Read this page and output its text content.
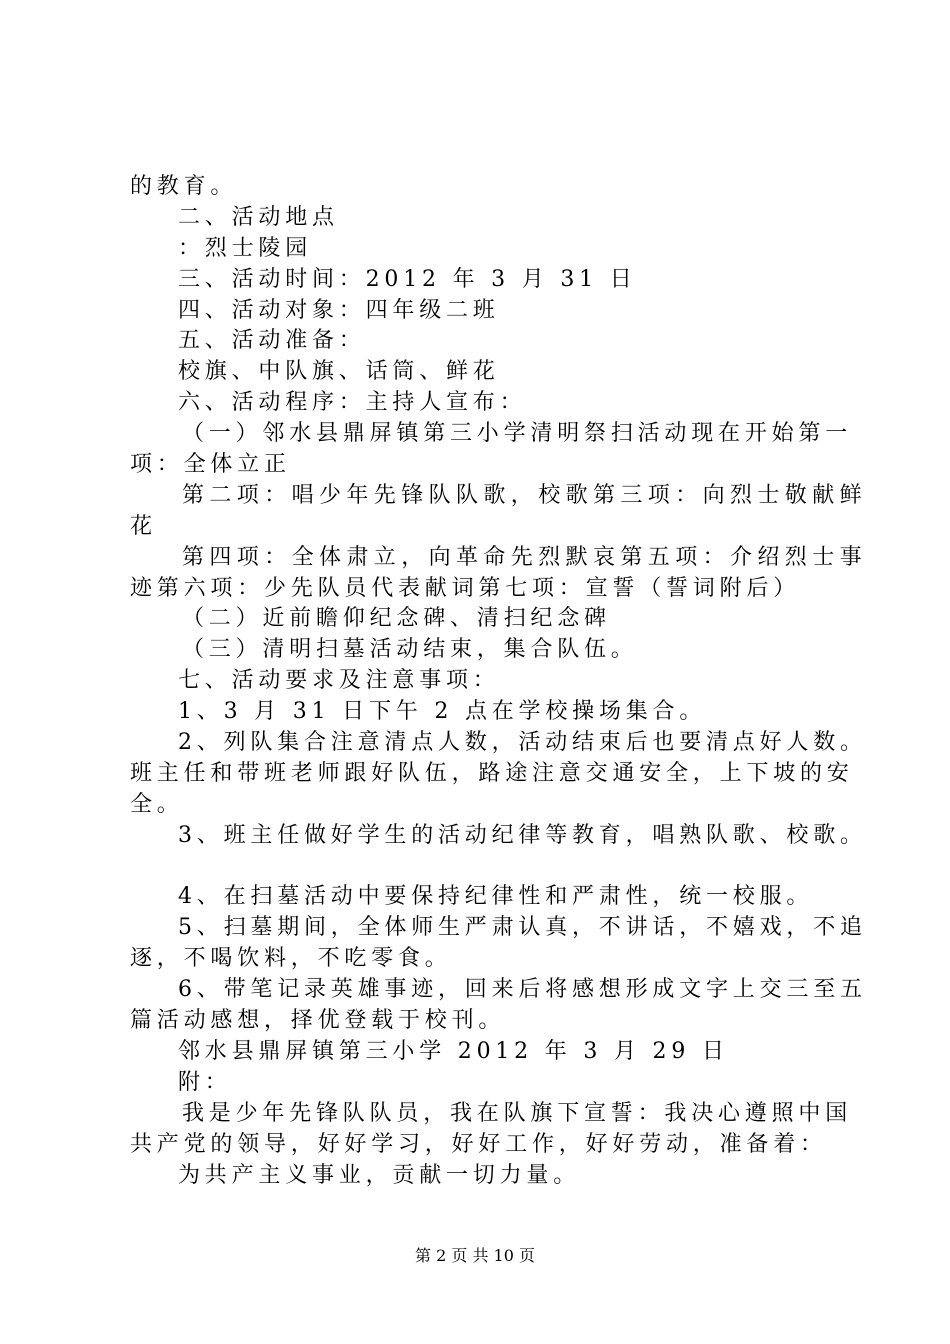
的教育。
二、活动地点
：烈士陵园
三、活动时间：2012 年 3 月 31 日
四、活动对象：四年级二班
五、活动准备：
校旗、中队旗、话筒、鲜花
六、活动程序：主持人宣布：
（一）邻水县鼎屏镇第三小学清明祭扫活动现在开始第一
项：全体立正
第二项：唱少年先锋队队歌，校歌第三项：向烈士敬献鲜
花
第四项：全体肃立，向革命先烈默哀第五项：介绍烈士事
迹第六项：少先队员代表献词第七项：宣誓（誓词附后）
（二）近前瞻仰纪念碑、清扫纪念碑
（三）清明扫墓活动结束，集合队伍。
七、活动要求及注意事项：
1、3 月 31 日下午 2 点在学校操场集合。
2、列队集合注意清点人数，活动结束后也要清点好人数。
班主任和带班老师跟好队伍，路途注意交通安全，上下坡的安
全。
3、班主任做好学生的活动纪律等教育，唱熟队歌、校歌。
4、在扫墓活动中要保持纪律性和严肃性，统一校服。
5、扫墓期间，全体师生严肃认真，不讲话，不嬉戏，不追
逐，不喝饮料，不吃零食。
6、带笔记录英雄事迹，回来后将感想形成文字上交三至五
篇活动感想，择优登载于校刊。
邻水县鼎屏镇第三小学 2012 年 3 月 29 日
附：
我是少年先锋队队员，我在队旗下宣誓：我决心遵照中国
共产党的领导，好好学习，好好工作，好好劳动，准备着：
为共产主义事业，贡献一切力量。
第 2 页 共 10 页
